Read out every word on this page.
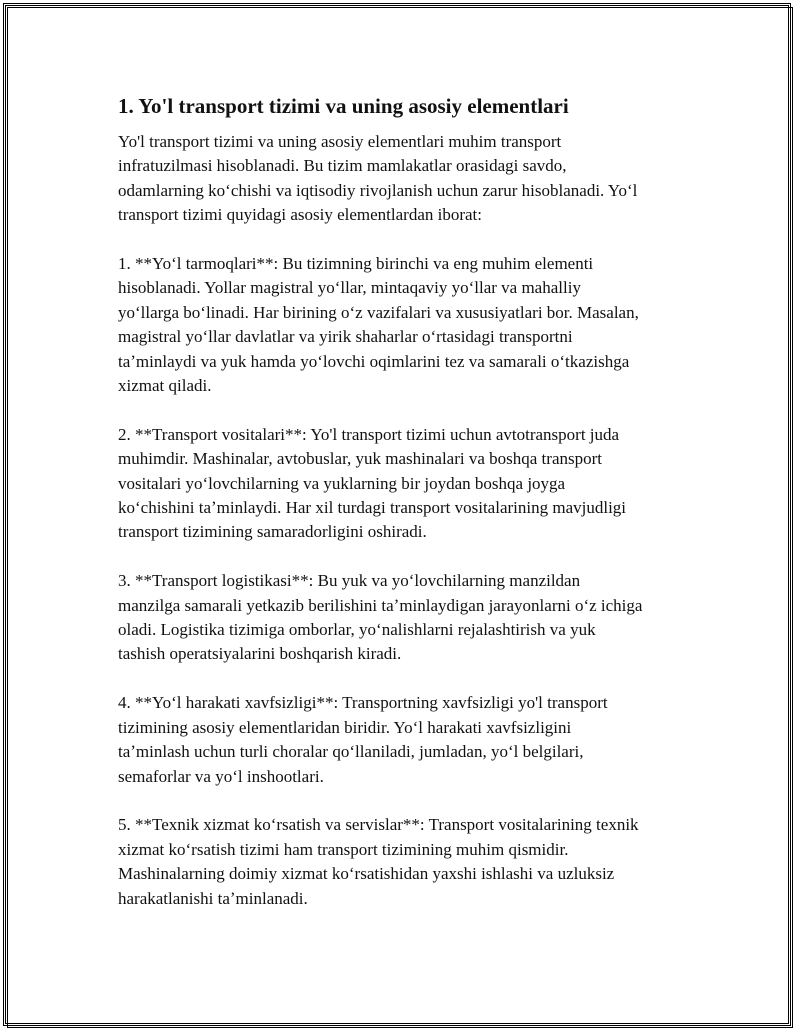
1. Yo'l transport tizimi va uning asosiy elementlari

Yo'l transport tizimi va uning asosiy elementlari muhim transport
infratuzilmasi hisoblanadi. Bu tizim mamlakatlar orasidagi savdo,
odamlarning koʻchishi va iqtisodiy rivojlanish uchun zarur hisoblanadi. Yoʻl
transport tizimi quyidagi asosiy elementlardan iborat:

1. **Yoʻl tarmoqlari**: Bu tizimning birinchi va eng muhim elementi
hisoblanadi. Yollar magistral yoʻllar, mintaqaviy yoʻllar va mahalliy
yoʻllarga boʻlinadi. Har birining oʻz vazifalari va xususiyatlari bor. Masalan,
magistral yoʻllar davlatlar va yirik shaharlar oʻrtasidagi transportni
taʼminlaydi va yuk hamda yoʻlovchi oqimlarini tez va samarali oʻtkazishga
xizmat qiladi.

2. **Transport vositalari**: Yo'l transport tizimi uchun avtotransport juda
muhimdir. Mashinalar, avtobuslar, yuk mashinalari va boshqa transport
vositalari yoʻlovchilarning va yuklarning bir joydan boshqa joyga
koʻchishini taʼminlaydi. Har xil turdagi transport vositalarining mavjudligi
transport tizimining samaradorligini oshiradi.

3. **Transport logistikasi**: Bu yuk va yoʻlovchilarning manzildan
manzilga samarali yetkazib berilishini taʼminlaydigan jarayonlarni oʻz ichiga
oladi. Logistika tizimiga omborlar, yoʻnalishlarni rejalashtirish va yuk
tashish operatsiyalarini boshqarish kiradi.

4. **Yoʻl harakati xavfsizligi**: Transportning xavfsizligi yo'l transport
tizimining asosiy elementlaridan biridir. Yoʻl harakati xavfsizligini
taʼminlash uchun turli choralar qoʻllaniladi, jumladan, yoʻl belgilari,
semaforlar va yoʻl inshootlari.

5. **Texnik xizmat koʻrsatish va servislar**: Transport vositalarining texnik
xizmat koʻrsatish tizimi ham transport tizimining muhim qismidir.
Mashinalarning doimiy xizmat koʻrsatishidan yaxshi ishlashi va uzluksiz
harakatlanishi taʼminlanadi.
